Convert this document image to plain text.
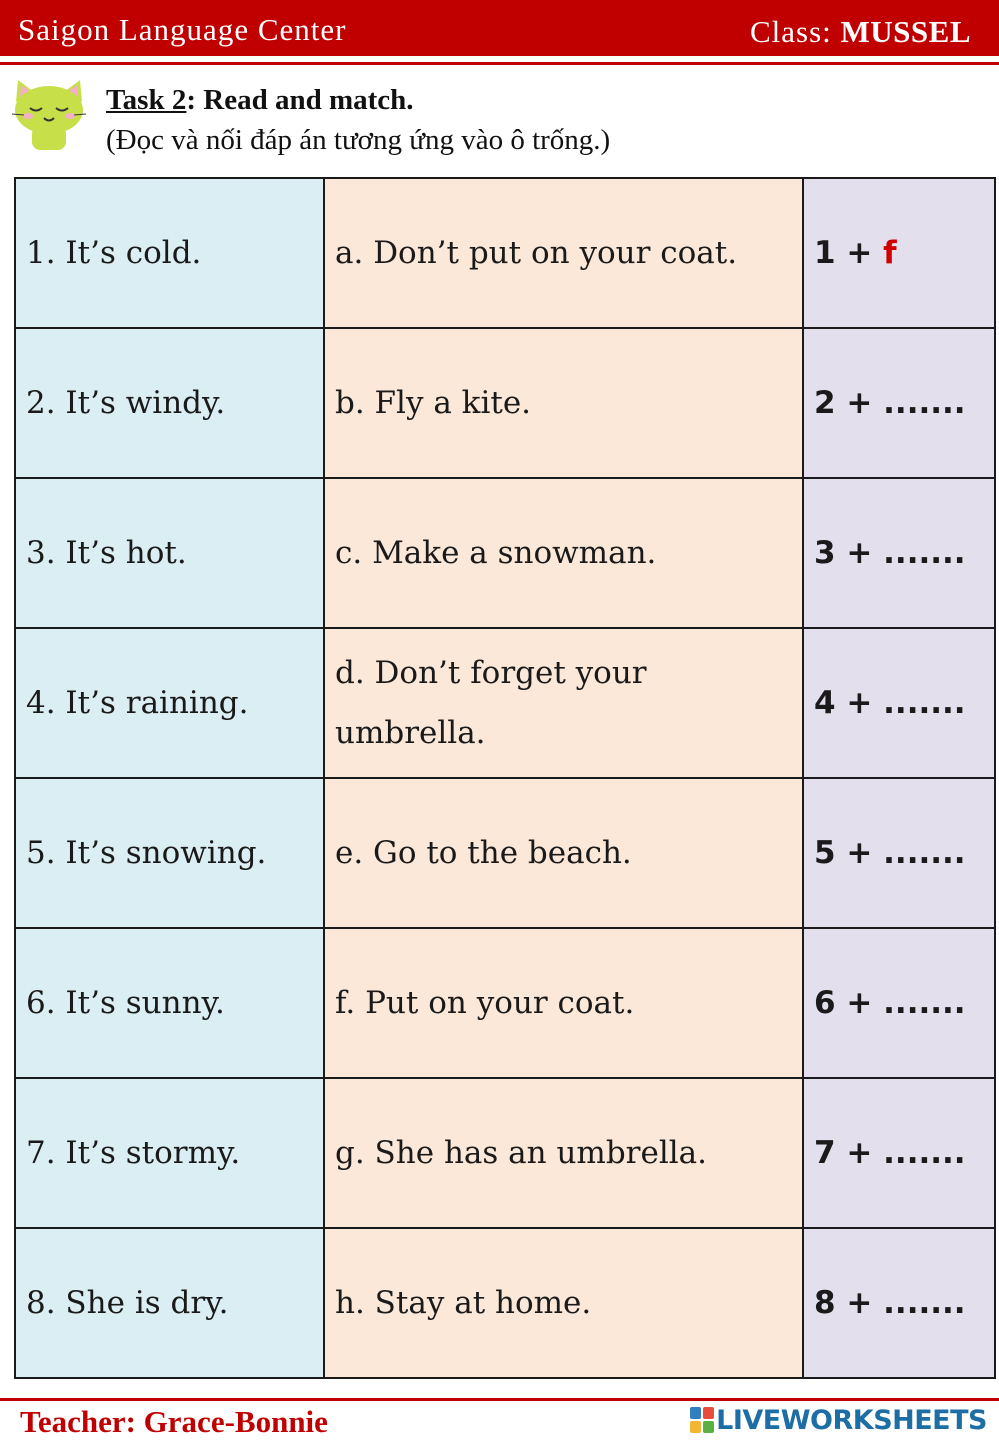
Saigon Language Center	Class: MUSSEL
Task 2: Read and match.
(Đọc và nối đáp án tương ứng vào ô trống.)
1. It’s cold.	a. Don’t put on your coat.	1 + f
2. It’s windy.	b. Fly a kite.	2 + .......
3. It’s hot.	c. Make a snowman.	3 + .......
4. It’s raining.	d. Don’t forget your umbrella.	4 + .......
5. It’s snowing.	e. Go to the beach.	5 + .......
6. It’s sunny.	f. Put on your coat.	6 + .......
7. It’s stormy.	g. She has an umbrella.	7 + .......
8. She is dry.	h. Stay at home.	8 + .......
Teacher: Grace-Bonnie	LIVEWORKSHEETS
